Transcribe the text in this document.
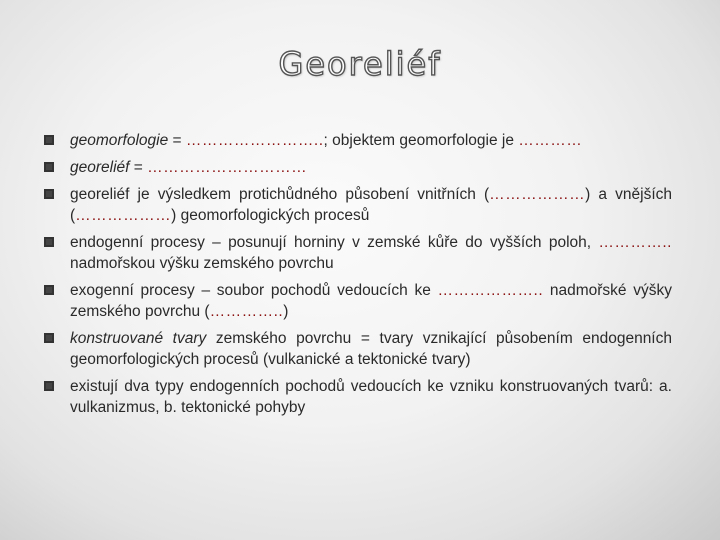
Georeliéf
geomorfologie = ……………………..; objektem geomorfologie je …………
georeliéf = …………………………
georeliéf je výsledkem protichůdného působení vnitřních (………………) a vnějších (………………) geomorfologických procesů
endogenní procesy – posunují horniny v zemské kůře do vyšších poloh, ………….. nadmořskou výšku zemského povrchu
exogenní procesy – soubor pochodů vedoucích ke ……………….. nadmořské výšky zemského povrchu (…………..)
konstruované tvary zemského povrchu = tvary vznikající působením endogenních geomorfologických procesů (vulkanické a tektonické tvary)
existují dva typy endogenních pochodů vedoucích ke vzniku konstruovaných tvarů: a. vulkanizmus, b. tektonické pohyby
